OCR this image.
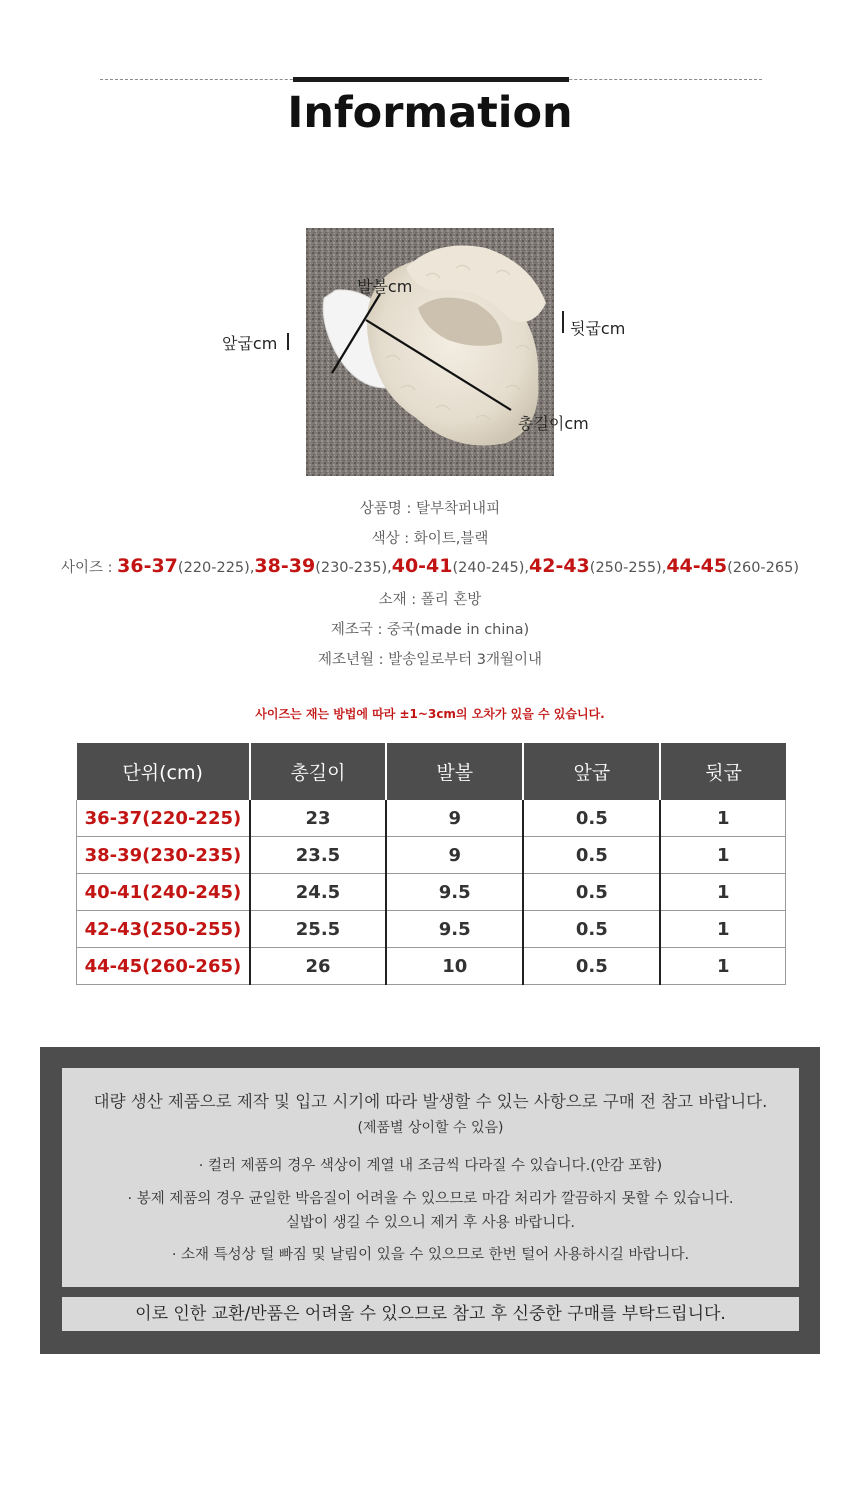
Information
앞굽cm
뒷굽cm
발볼cm
총길이cm
상품명 : 탈부착퍼내피
색상 : 화이트,블랙
사이즈 : 36-37(220-225),38-39(230-235),40-41(240-245),42-43(250-255),44-45(260-265)
소재 : 폴리 혼방
제조국 : 중국(made in china)
제조년월 : 발송일로부터 3개월이내
사이즈는 재는 방법에 따라 ±1~3cm의 오차가 있을 수 있습니다.
단위(cm)	총길이	발볼	앞굽	뒷굽
36-37(220-225)	23	9	0.5	1
38-39(230-235)	23.5	9	0.5	1
40-41(240-245)	24.5	9.5	0.5	1
42-43(250-255)	25.5	9.5	0.5	1
44-45(260-265)	26	10	0.5	1
대량 생산 제품으로 제작 및 입고 시기에 따라 발생할 수 있는 사항으로 구매 전 참고 바랍니다.
(제품별 상이할 수 있음)
· 컬러 제품의 경우 색상이 계열 내 조금씩 다라질 수 있습니다.(안감 포함)
· 봉제 제품의 경우 균일한 박음질이 어려울 수 있으므로 마감 처리가 깔끔하지 못할 수 있습니다.
실밥이 생길 수 있으니 제거 후 사용 바랍니다.
· 소재 특성상 털 빠짐 및 날림이 있을 수 있으므로 한번 털어 사용하시길 바랍니다.
이로 인한 교환/반품은 어려울 수 있으므로 참고 후 신중한 구매를 부탁드립니다.
